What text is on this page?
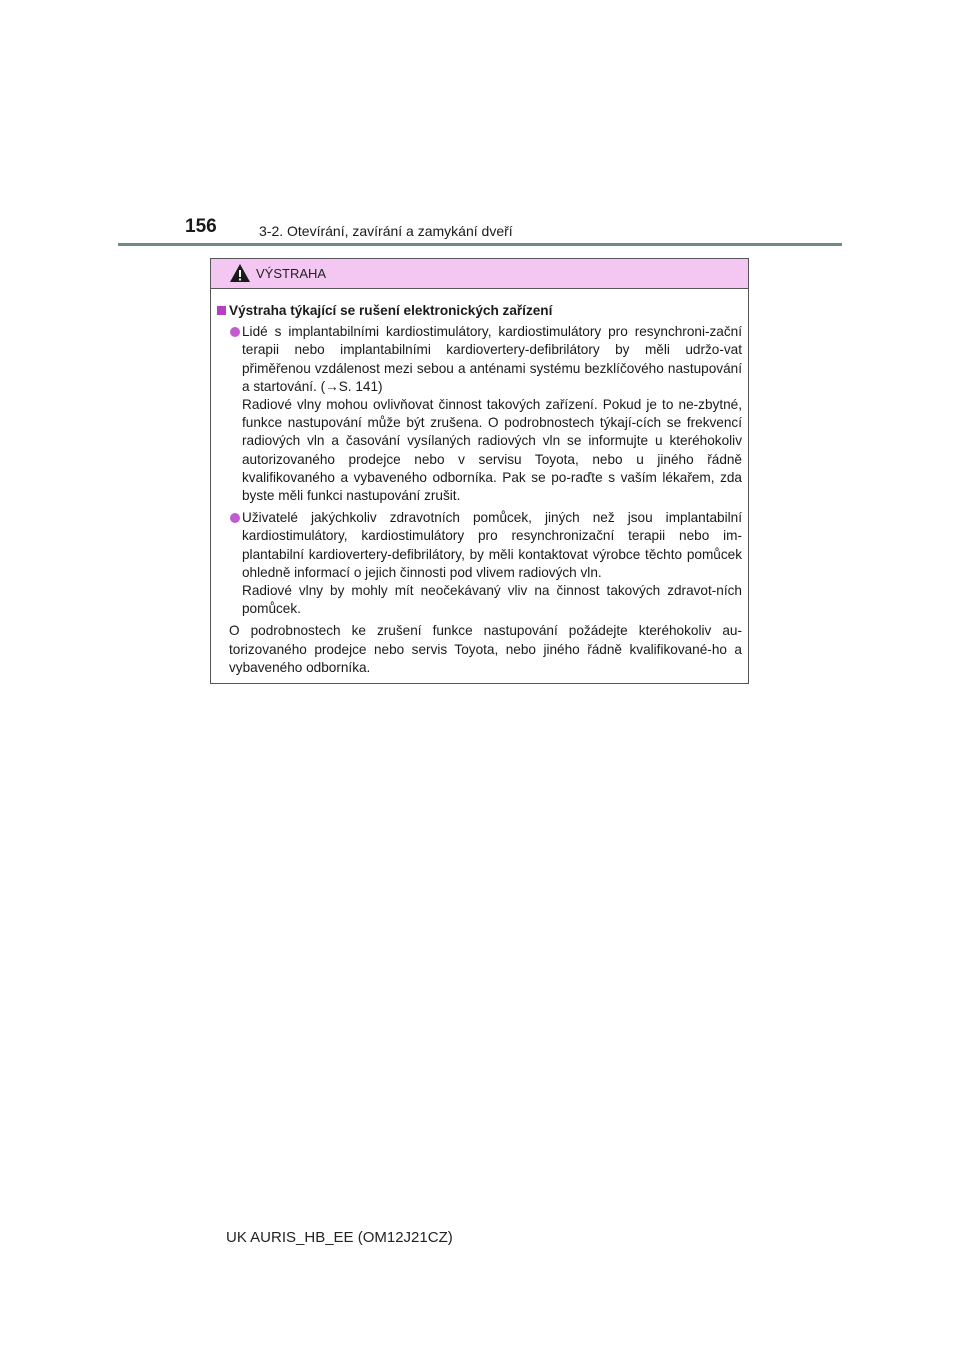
156	3-2. Otevírání, zavírání a zamykání dveří
VÝSTRAHA
Výstraha týkající se rušení elektronických zařízení
Lidé s implantabilními kardiostimulátory, kardiostimulátory pro resynchroni-zační terapii nebo implantabilními kardiovertery-defibrilátory by měli udržo-vat přiměřenou vzdálenost mezi sebou a anténami systému bezklíčového nastupování a startování. (→S. 141)
Radiové vlny mohou ovlivňovat činnost takových zařízení. Pokud je to ne-zbytné, funkce nastupování může být zrušena. O podrobnostech týkají-cích se frekvencí radiových vln a časování vysílaných radiových vln se informujte u kteréhokoliv autorizovaného prodejce nebo v servisu Toyota, nebo u jiného řádně kvalifikovaného a vybaveného odborníka. Pak se po-raďte s vaším lékařem, zda byste měli funkci nastupování zrušit.
Uživatelé jakýchkoliv zdravotních pomůcek, jiných než jsou implantabilní kardiostimulátory, kardiostimulátory pro resynchronizační terapii nebo im-plantabilní kardiovertery-defibrilátory, by měli kontaktovat výrobce těchto pomůcek ohledně informací o jejich činnosti pod vlivem radiových vln.
Radiové vlny by mohly mít neočekávaný vliv na činnost takových zdravot-ních pomůcek.
O podrobnostech ke zrušení funkce nastupování požádejte kteréhokoliv au-torizovaného prodejce nebo servis Toyota, nebo jiného řádně kvalifikované-ho a vybaveného odborníka.
UK AURIS_HB_EE (OM12J21CZ)
